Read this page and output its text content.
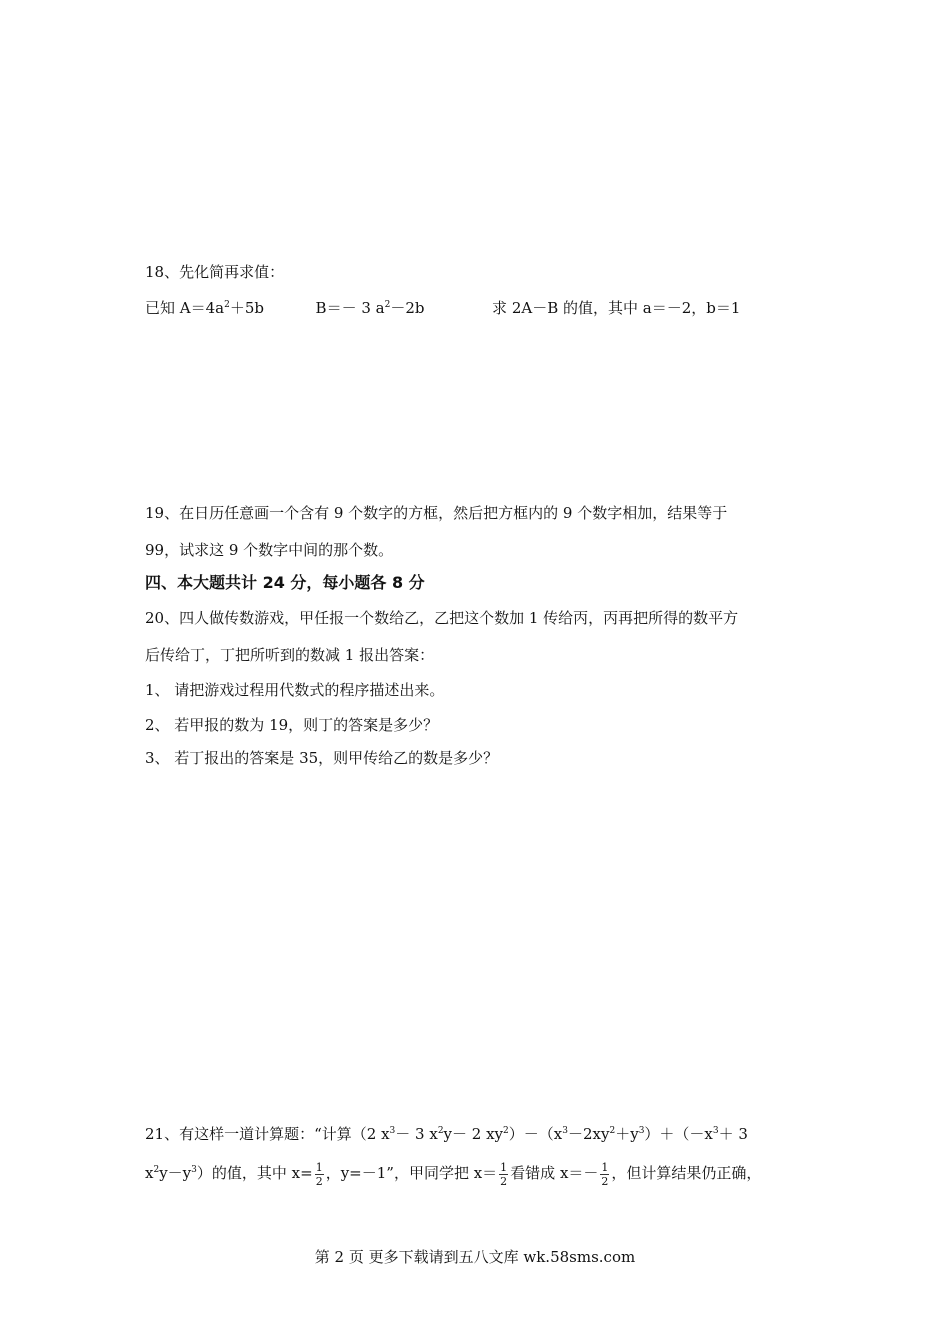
18、先化简再求值：
已知 $A=4a^2+5b$	B＝－ 3 $a^2-2b$	求 2A－B 的值，其中 a＝－2，b＝1
19、在日历任意画一个含有 9 个数字的方框，然后把方框内的 9 个数字相加，结果等于
99，试求这 9 个数字中间的那个数。
四、本大题共计 24 分，每小题各 8 分
20、四人做传数游戏，甲任报一个数给乙，乙把这个数加 1 传给丙，丙再把所得的数平方
后传给丁，丁把所听到的数减 1 报出答案：
1、 请把游戏过程用代数式的程序描述出来。
2、 若甲报的数为 19，则丁的答案是多少？
3、 若丁报出的答案是 35，则甲传给乙的数是多少？
21、有这样一道计算题：“计算（2 $x^3- 3$ $x^2y- 2$ $xy^2)-(x^3-2xy^2+y^3)+(-x^3+ 3$
$x^2y-y^3$）的值，其中 $x= \frac{1}{2}$ ，y=－1”，甲同学把 $x= \frac{1}{2}$ 看错成 $x=- \frac{1}{2}$ ，但计算结果仍正确，
第 2 页 更多下载请到五八文库 wk.58sms.com
